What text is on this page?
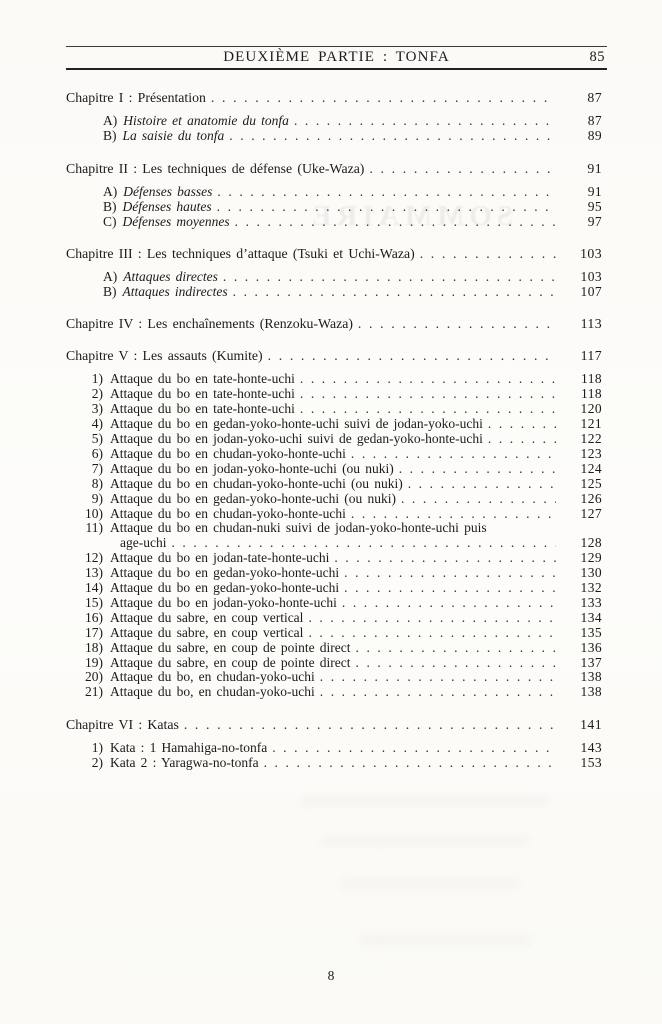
DEUXIÈME PARTIE : TONFA	85
SOMMAIRE
Chapitre I : Présentation . . .	87
A) Histoire et anatomie du tonfa . . .	87
B) La saisie du tonfa . . .	89
Chapitre II : Les techniques de défense (Uke-Waza) . . .	91
A) Défenses basses . . .	91
B) Défenses hautes . . .	95
C) Défenses moyennes . . .	97
Chapitre III : Les techniques d’attaque (Tsuki et Uchi-Waza) . . .	103
A) Attaques directes . . .	103
B) Attaques indirectes . . .	107
Chapitre IV : Les enchaînements (Renzoku-Waza) . . .	113
Chapitre V : Les assauts (Kumite) . . .	117
1) Attaque du bo en tate-honte-uchi . . .	118
2) Attaque du bo en tate-honte-uchi . . .	118
3) Attaque du bo en tate-honte-uchi . . .	120
4) Attaque du bo en gedan-yoko-honte-uchi suivi de jodan-yoko-uchi . . .	121
5) Attaque du bo en jodan-yoko-uchi suivi de gedan-yoko-honte-uchi . . .	122
6) Attaque du bo en chudan-yoko-honte-uchi . . .	123
7) Attaque du bo en jodan-yoko-honte-uchi (ou nuki) . . .	124
8) Attaque du bo en chudan-yoko-honte-uchi (ou nuki) . . .	125
9) Attaque du bo en gedan-yoko-honte-uchi (ou nuki) . . .	126
10) Attaque du bo en chudan-yoko-honte-uchi . . .	127
11) Attaque du bo en chudan-nuki suivi de jodan-yoko-honte-uchi puis
age-uchi . . .	128
12) Attaque du bo en jodan-tate-honte-uchi . . .	129
13) Attaque du bo en gedan-yoko-honte-uchi . . .	130
14) Attaque du bo en gedan-yoko-honte-uchi . . .	132
15) Attaque du bo en jodan-yoko-honte-uchi . . .	133
16) Attaque du sabre, en coup vertical . . .	134
17) Attaque du sabre, en coup vertical . . .	135
18) Attaque du sabre, en coup de pointe direct . . .	136
19) Attaque du sabre, en coup de pointe direct . . .	137
20) Attaque du bo, en chudan-yoko-uchi . . .	138
21) Attaque du bo, en chudan-yoko-uchi . . .	138
Chapitre VI : Katas . . .	141
1) Kata : 1 Hamahiga-no-tonfa . . .	143
2) Kata 2 : Yaragwa-no-tonfa . . .	153
8
